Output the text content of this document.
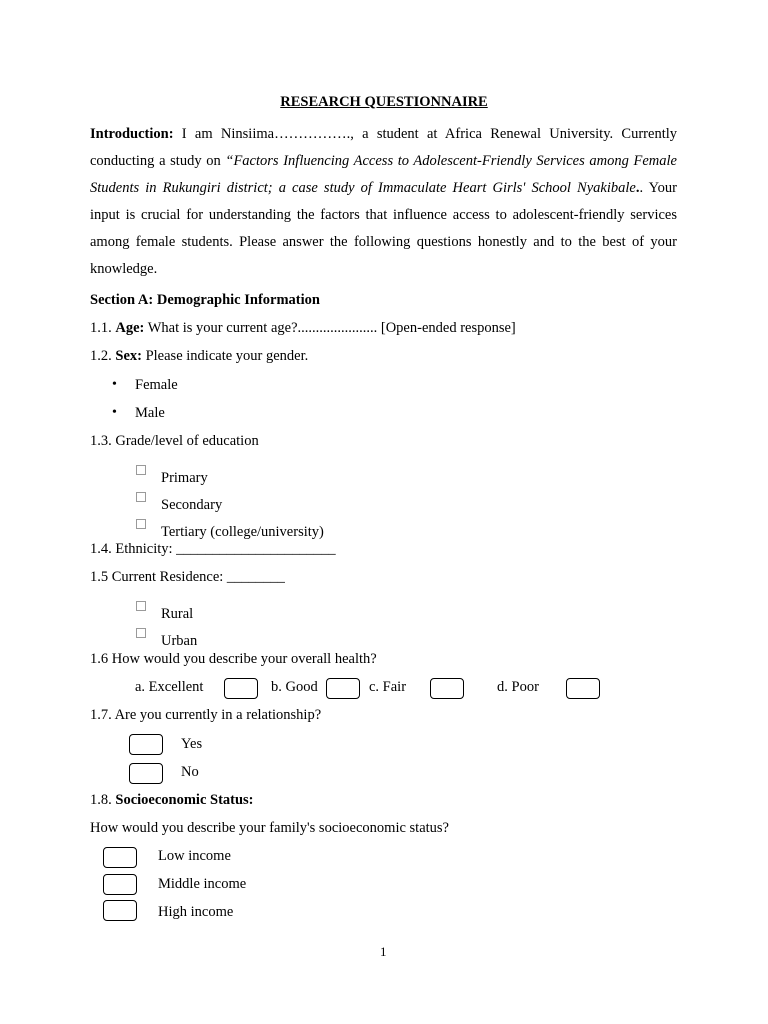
RESEARCH QUESTIONNAIRE
Introduction: I am Ninsiima……………., a student at Africa Renewal University. Currently conducting a study on “Factors Influencing Access to Adolescent-Friendly Services among Female Students in Rukungiri district; a case study of Immaculate Heart Girls' School Nyakibale.. Your input is crucial for understanding the factors that influence access to adolescent-friendly services among female students. Please answer the following questions honestly and to the best of your knowledge.
Section A: Demographic Information
1.1. Age: What is your current age?...................... [Open-ended response]
1.2. Sex: Please indicate your gender.
• Female
• Male
1.3. Grade/level of education
Primary
Secondary
Tertiary (college/university)
1.4. Ethnicity: ______________________
1.5 Current Residence: ________
Rural
Urban
1.6 How would you describe your overall health?
a. Excellent	b. Good	c. Fair	d. Poor
1.7. Are you currently in a relationship?
Yes
No
1.8. Socioeconomic Status:
How would you describe your family's socioeconomic status?
Low income
Middle income
High income
1
